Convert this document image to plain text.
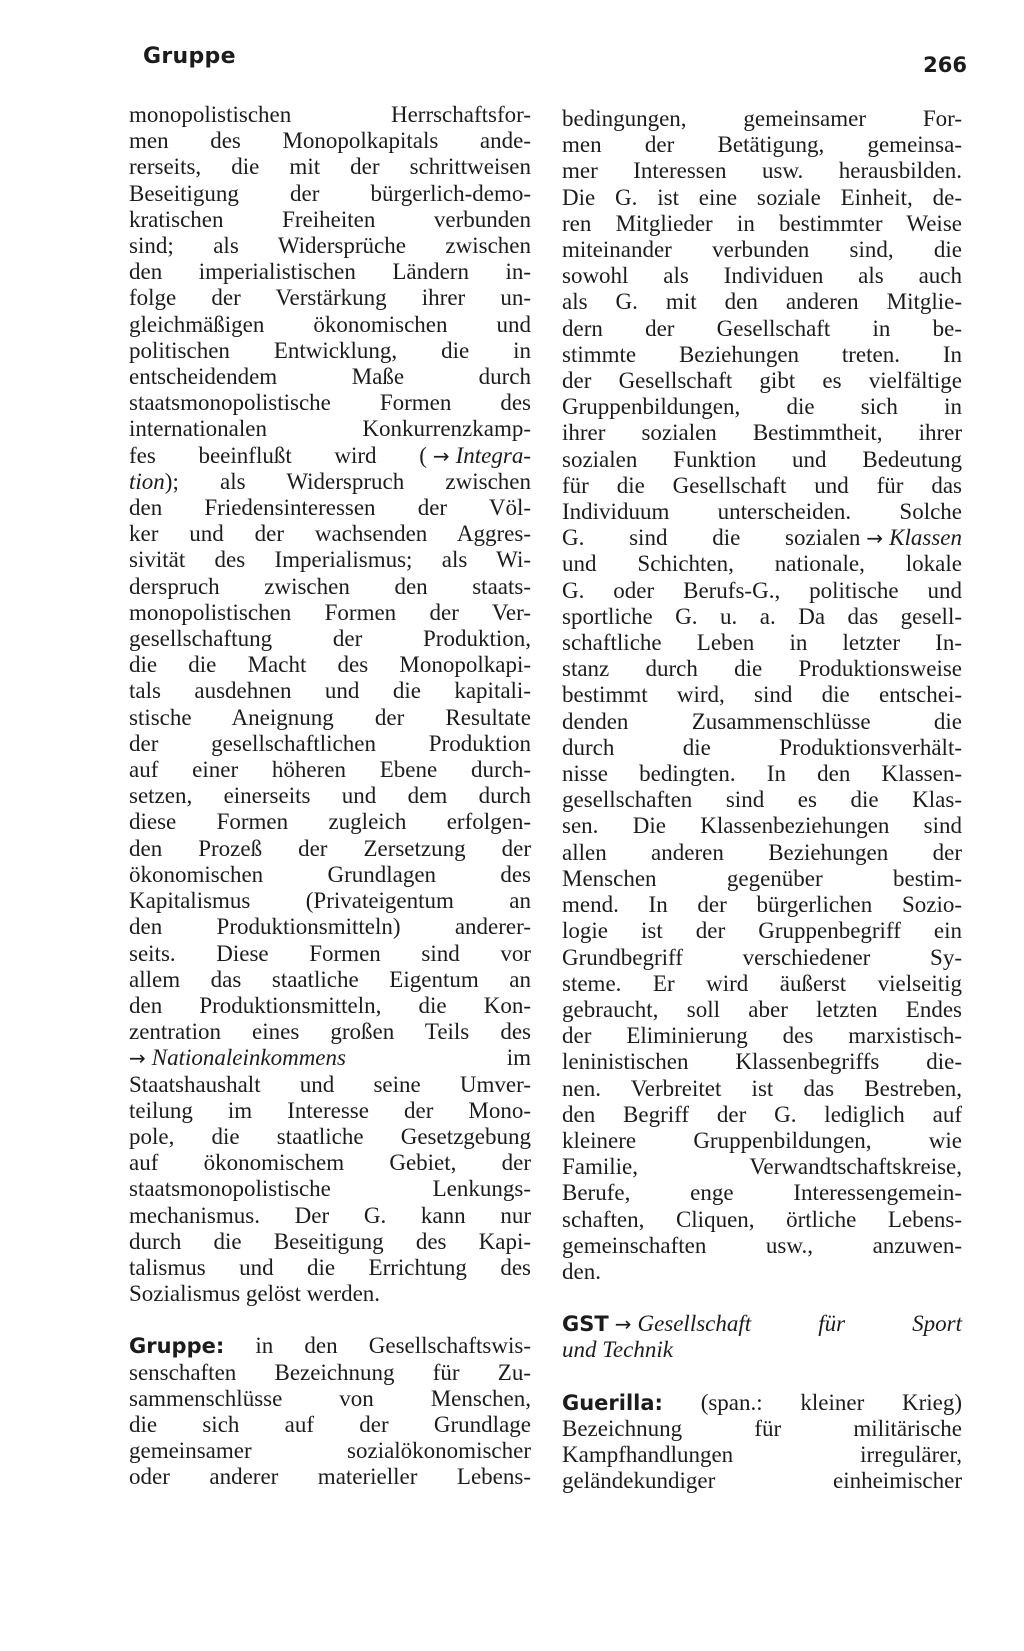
Gruppe	266
monopolistischen Herrschaftsfor-
men des Monopolkapitals ande-
rerseits, die mit der schrittweisen
Beseitigung der bürgerlich-demo-
kratischen Freiheiten verbunden
sind; als Widersprüche zwischen
den imperialistischen Ländern in-
folge der Verstärkung ihrer un-
gleichmäßigen ökonomischen und
politischen Entwicklung, die in
entscheidendem Maße durch
staatsmonopolistische Formen des
internationalen Konkurrenzkamp-
fes beeinflußt wird ( → Integra-
tion); als Widerspruch zwischen
den Friedensinteressen der Völ-
ker und der wachsenden Aggres-
sivität des Imperialismus; als Wi-
derspruch zwischen den staats-
monopolistischen Formen der Ver-
gesellschaftung der Produktion,
die die Macht des Monopolkapi-
tals ausdehnen und die kapitali-
stische Aneignung der Resultate
der gesellschaftlichen Produktion
auf einer höheren Ebene durch-
setzen, einerseits und dem durch
diese Formen zugleich erfolgen-
den Prozeß der Zersetzung der
ökonomischen Grundlagen des
Kapitalismus (Privateigentum an
den Produktionsmitteln) anderer-
seits. Diese Formen sind vor
allem das staatliche Eigentum an
den Produktionsmitteln, die Kon-
zentration eines großen Teils des
→ Nationaleinkommens	im
Staatshaushalt und seine Umver-
teilung im Interesse der Mono-
pole, die staatliche Gesetzgebung
auf ökonomischem Gebiet, der
staatsmonopolistische Lenkungs-
mechanismus. Der G. kann nur
durch die Beseitigung des Kapi-
talismus und die Errichtung des
Sozialismus gelöst werden.
Gruppe: in den Gesellschaftswis-
senschaften Bezeichnung für Zu-
sammenschlüsse von Menschen,
die sich auf der Grundlage
gemeinsamer sozialökonomischer
oder anderer materieller Lebens-
bedingungen, gemeinsamer For-
men der Betätigung, gemeinsa-
mer Interessen usw. herausbilden.
Die G. ist eine soziale Einheit, de-
ren Mitglieder in bestimmter Weise
miteinander verbunden sind, die
sowohl als Individuen als auch
als G. mit den anderen Mitglie-
dern der Gesellschaft in be-
stimmte Beziehungen treten. In
der Gesellschaft gibt es vielfältige
Gruppenbildungen, die sich in
ihrer sozialen Bestimmtheit, ihrer
sozialen Funktion und Bedeutung
für die Gesellschaft und für das
Individuum unterscheiden. Solche
G. sind die sozialen → Klassen
und Schichten, nationale, lokale
G. oder Berufs-G., politische und
sportliche G. u. a. Da das gesell-
schaftliche Leben in letzter In-
stanz durch die Produktionsweise
bestimmt wird, sind die entschei-
denden Zusammenschlüsse die
durch die Produktionsverhält-
nisse bedingten. In den Klassen-
gesellschaften sind es die Klas-
sen. Die Klassenbeziehungen sind
allen anderen Beziehungen der
Menschen gegenüber bestim-
mend. In der bürgerlichen Sozio-
logie ist der Gruppenbegriff ein
Grundbegriff verschiedener Sy-
steme. Er wird äußerst vielseitig
gebraucht, soll aber letzten Endes
der Eliminierung des marxistisch-
leninistischen Klassenbegriffs die-
nen. Verbreitet ist das Bestreben,
den Begriff der G. lediglich auf
kleinere Gruppenbildungen, wie
Familie, Verwandtschaftskreise,
Berufe, enge Interessengemein-
schaften, Cliquen, örtliche Lebens-
gemeinschaften usw., anzuwen-
den.
GST → Gesellschaft für Sport
und Technik
Guerilla: (span.: kleiner Krieg)
Bezeichnung für militärische
Kampfhandlungen irregulärer,
geländekundiger einheimischer
